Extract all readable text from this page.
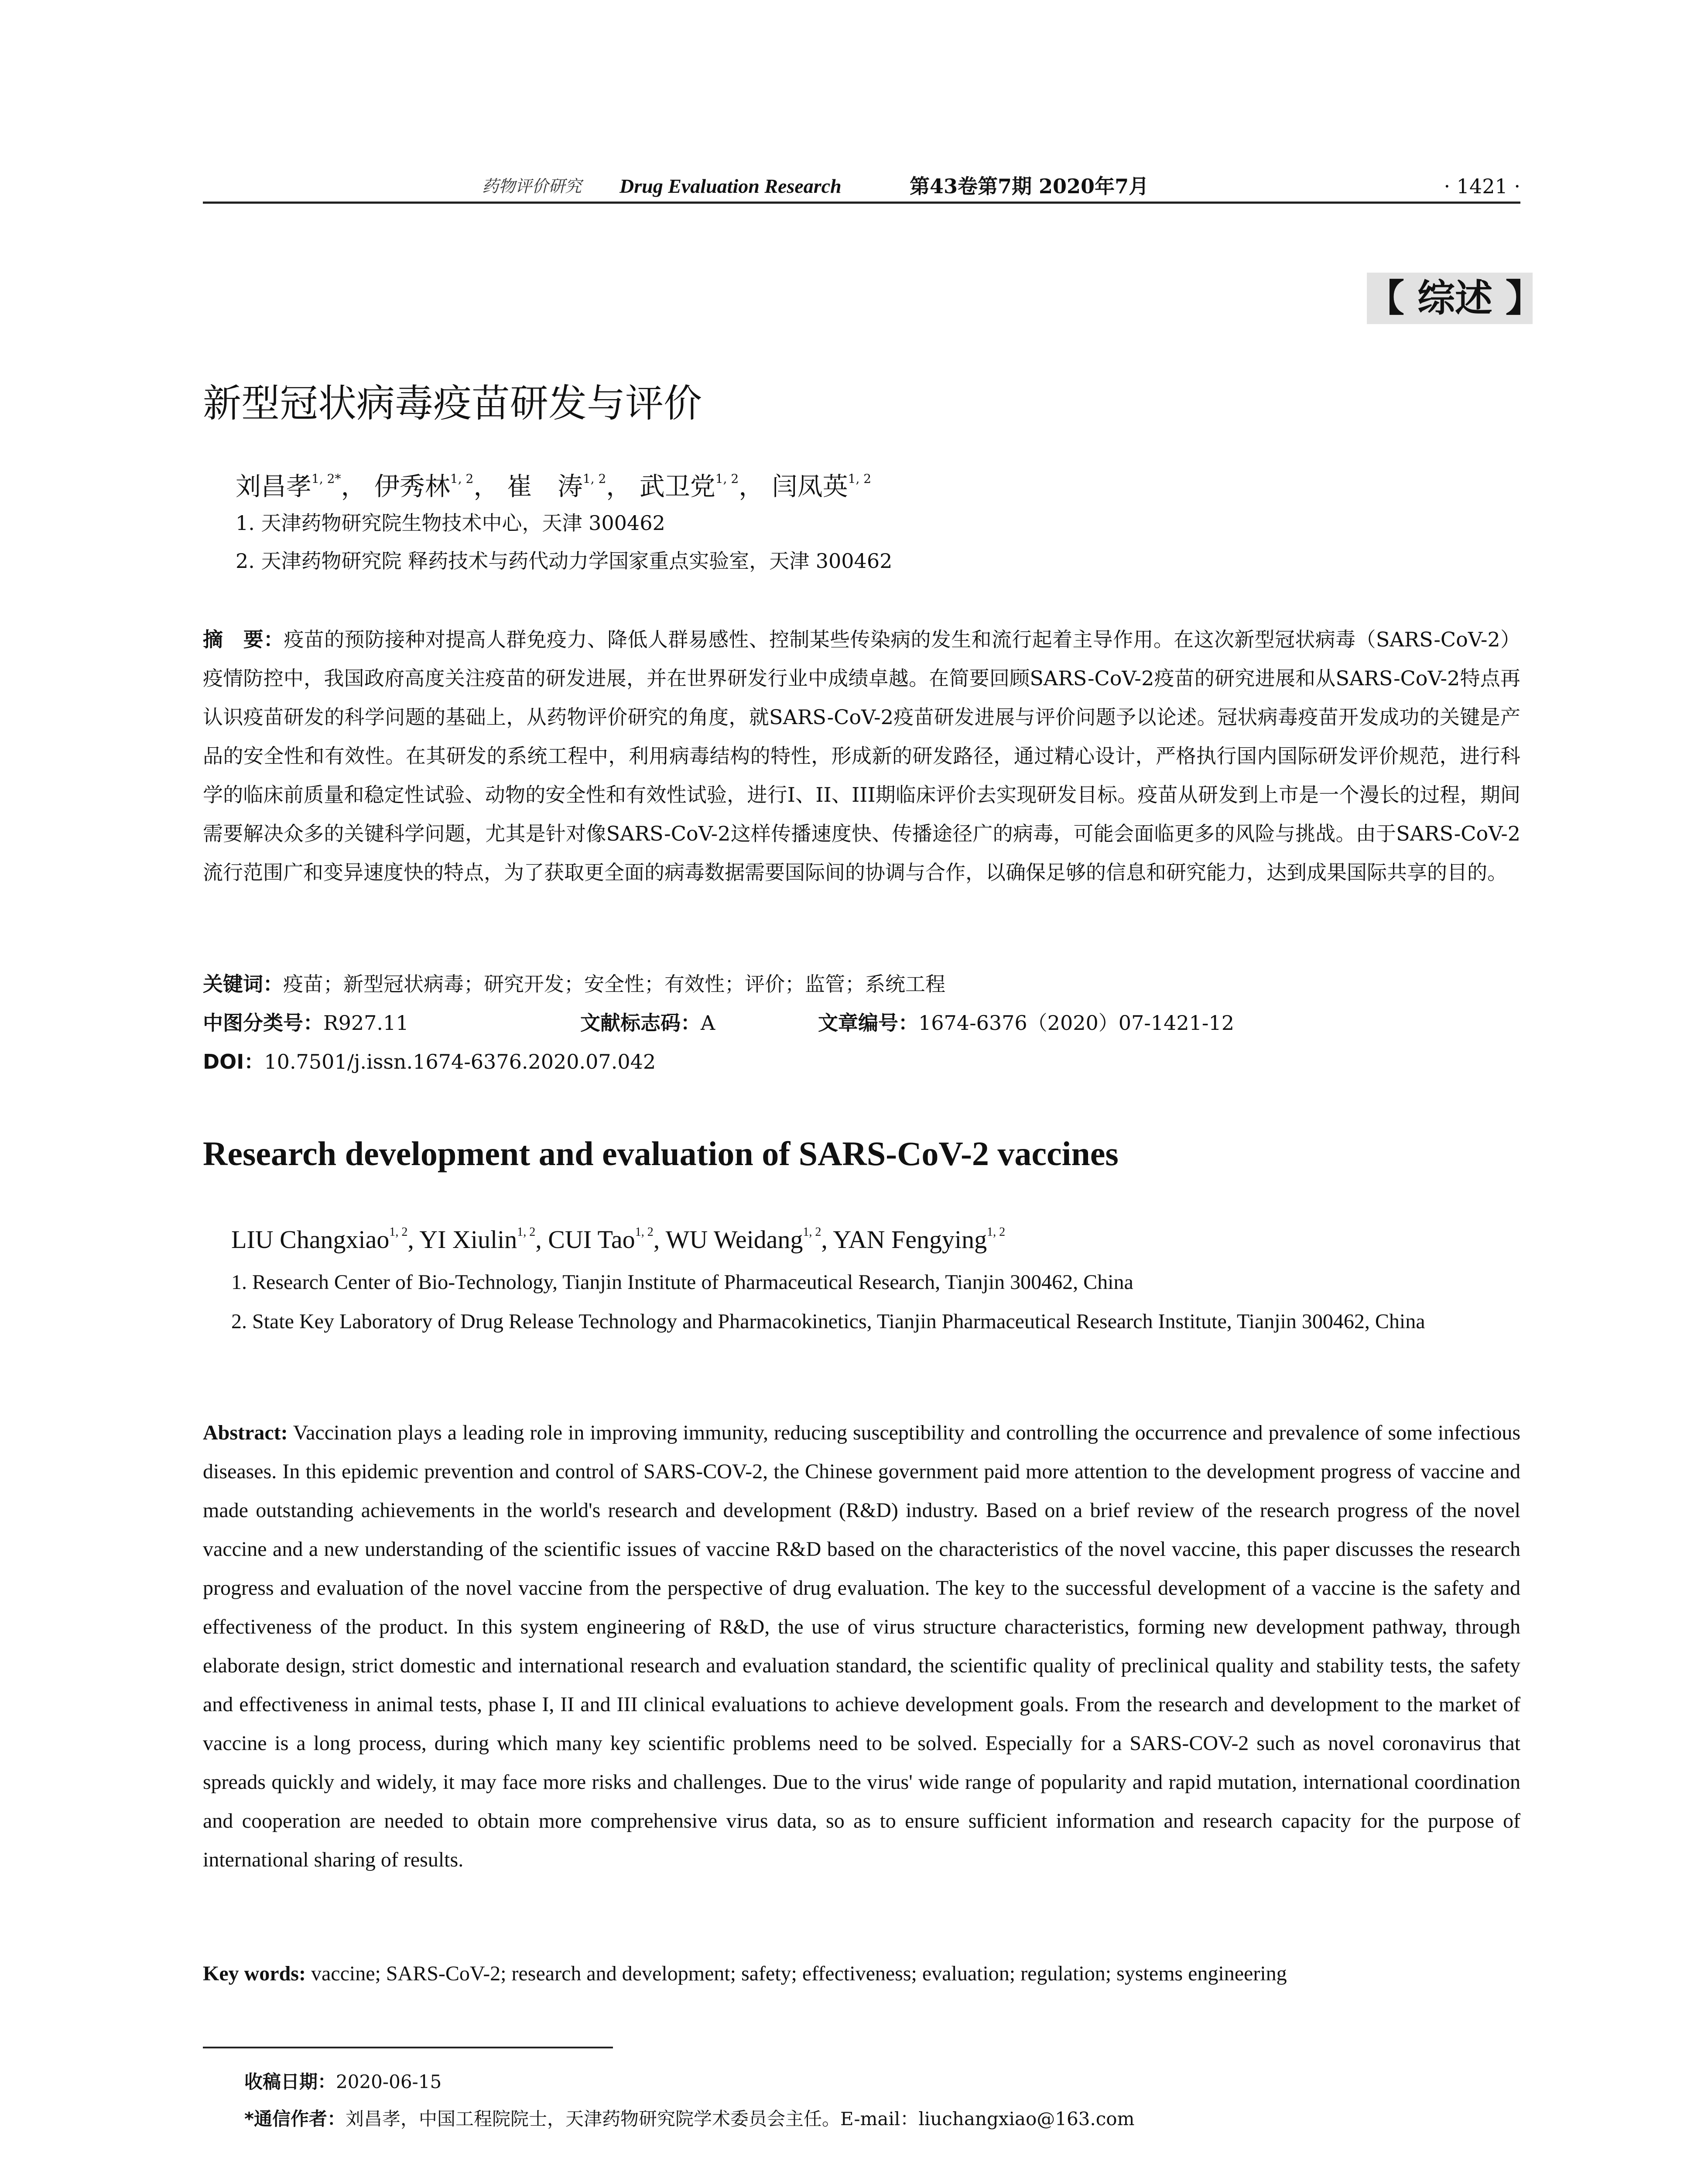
药物评价研究 Drug Evaluation Research	第43卷第7期 2020年7月	· 1421 ·
【 综述 】
新型冠状病毒疫苗研发与评价
刘昌孝$^{1, 2*}$， 伊秀林$^{1, 2}$， 崔　涛$^{1, 2}$， 武卫党$^{1, 2}$， 闫凤英$^{1, 2}$
1. 天津药物研究院生物技术中心，天津 300462
2. 天津药物研究院 释药技术与药代动力学国家重点实验室，天津 300462
摘　要：疫苗的预防接种对提高人群免疫力、降低人群易感性、控制某些传染病的发生和流行起着主导作用。在这次新型冠状病毒（SARS-CoV-2）疫情防控中，我国政府高度关注疫苗的研发进展，并在世界研发行业中成绩卓越。在简要回顾SARS-CoV-2疫苗的研究进展和从SARS-CoV-2特点再认识疫苗研发的科学问题的基础上，从药物评价研究的角度，就SARS-CoV-2疫苗研发进展与评价问题予以论述。冠状病毒疫苗开发成功的关键是产品的安全性和有效性。在其研发的系统工程中，利用病毒结构的特性，形成新的研发路径，通过精心设计，严格执行国内国际研发评价规范，进行科学的临床前质量和稳定性试验、动物的安全性和有效性试验，进行I、II、III期临床评价去实现研发目标。疫苗从研发到上市是一个漫长的过程，期间需要解决众多的关键科学问题，尤其是针对像SARS-CoV-2这样传播速度快、传播途径广的病毒，可能会面临更多的风险与挑战。由于SARS-CoV-2流行范围广和变异速度快的特点，为了获取更全面的病毒数据需要国际间的协调与合作，以确保足够的信息和研究能力，达到成果国际共享的目的。
关键词：疫苗；新型冠状病毒；研究开发；安全性；有效性；评价；监管；系统工程
中图分类号：R927.11	文献标志码：A	文章编号：1674-6376（2020）07-1421-12
DOI：10.7501/j.issn.1674-6376.2020.07.042
Research development and evaluation of SARS-CoV-2 vaccines
LIU Changxiao$^{1, 2}$, YI Xiulin$^{1, 2}$, CUI Tao$^{1, 2}$, WU Weidang$^{1, 2}$, YAN Fengying$^{1, 2}$
1. Research Center of Bio-Technology, Tianjin Institute of Pharmaceutical Research, Tianjin 300462, China
2. State Key Laboratory of Drug Release Technology and Pharmacokinetics, Tianjin Pharmaceutical Research Institute, Tianjin 300462, China
Abstract: Vaccination plays a leading role in improving immunity, reducing susceptibility and controlling the occurrence and prevalence of some infectious diseases. In this epidemic prevention and control of SARS-COV-2, the Chinese government paid more attention to the development progress of vaccine and made outstanding achievements in the world's research and development (R&D) industry. Based on a brief review of the research progress of the novel vaccine and a new understanding of the scientific issues of vaccine R&D based on the characteristics of the novel vaccine, this paper discusses the research progress and evaluation of the novel vaccine from the perspective of drug evaluation. The key to the successful development of a vaccine is the safety and effectiveness of the product. In this system engineering of R&D, the use of virus structure characteristics, forming new development pathway, through elaborate design, strict domestic and international research and evaluation standard, the scientific quality of preclinical quality and stability tests, the safety and effectiveness in animal tests, phase I, II and III clinical evaluations to achieve development goals. From the research and development to the market of vaccine is a long process, during which many key scientific problems need to be solved. Especially for a SARS-COV-2 such as novel coronavirus that spreads quickly and widely, it may face more risks and challenges. Due to the virus' wide range of popularity and rapid mutation, international coordination and cooperation are needed to obtain more comprehensive virus data, so as to ensure sufficient information and research capacity for the purpose of international sharing of results.
Key words: vaccine; SARS-CoV-2; research and development; safety; effectiveness; evaluation; regulation; systems engineering
收稿日期：2020-06-15
*通信作者：刘昌孝，中国工程院院士，天津药物研究院学术委员会主任。E-mail：liuchangxiao@163.com
